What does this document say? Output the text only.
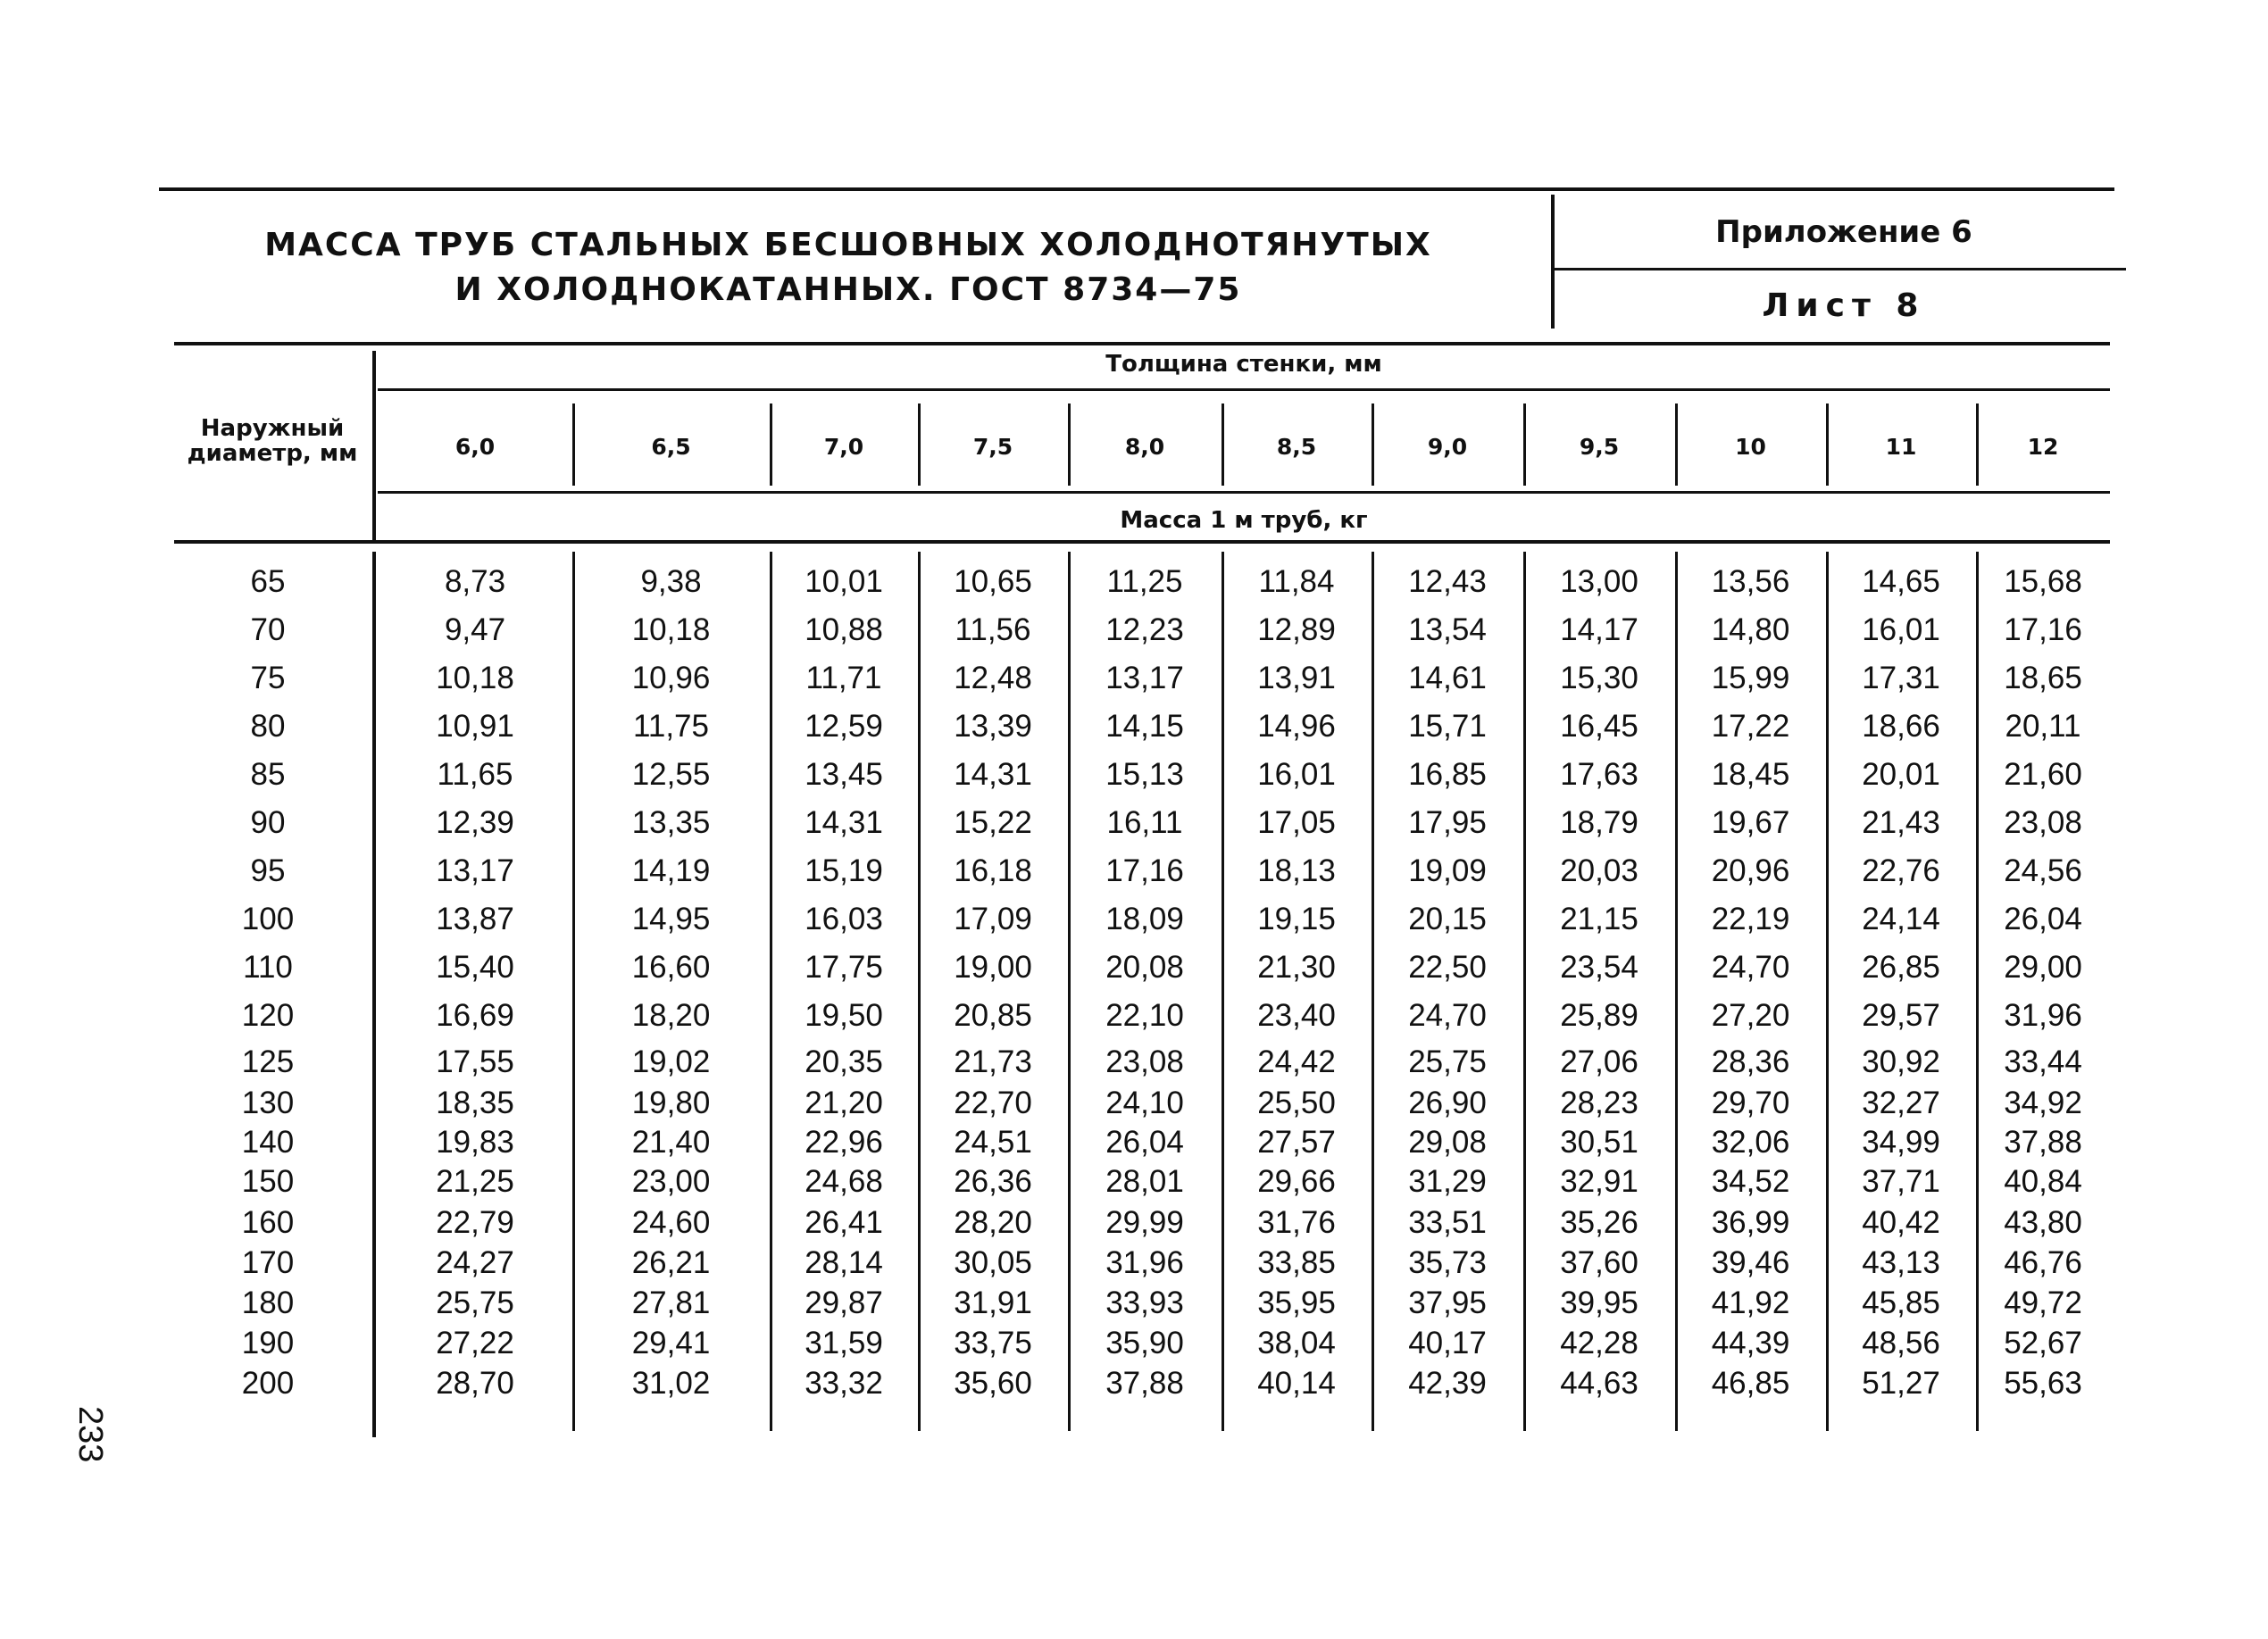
МАССА ТРУБ СТАЛЬНЫХ БЕСШОВНЫХ ХОЛОДНОТЯНУТЫХ
И ХОЛОДНОКАТАННЫХ. ГОСТ 8734—75
Приложение 6
Лист 8
Наружный диаметр, мм
Толщина стенки, мм
Масса 1 м труб, кг
6,0	6,5	7,0	7,5	8,0	8,5	9,0	9,5	10	11	12
65	8,73	9,38	10,01	10,65	11,25	11,84	12,43	13,00	13,56	14,65	15,68
70	9,47	10,18	10,88	11,56	12,23	12,89	13,54	14,17	14,80	16,01	17,16
75	10,18	10,96	11,71	12,48	13,17	13,91	14,61	15,30	15,99	17,31	18,65
80	10,91	11,75	12,59	13,39	14,15	14,96	15,71	16,45	17,22	18,66	20,11
85	11,65	12,55	13,45	14,31	15,13	16,01	16,85	17,63	18,45	20,01	21,60
90	12,39	13,35	14,31	15,22	16,11	17,05	17,95	18,79	19,67	21,43	23,08
95	13,17	14,19	15,19	16,18	17,16	18,13	19,09	20,03	20,96	22,76	24,56
100	13,87	14,95	16,03	17,09	18,09	19,15	20,15	21,15	22,19	24,14	26,04
110	15,40	16,60	17,75	19,00	20,08	21,30	22,50	23,54	24,70	26,85	29,00
120	16,69	18,20	19,50	20,85	22,10	23,40	24,70	25,89	27,20	29,57	31,96
125	17,55	19,02	20,35	21,73	23,08	24,42	25,75	27,06	28,36	30,92	33,44
130	18,35	19,80	21,20	22,70	24,10	25,50	26,90	28,23	29,70	32,27	34,92
140	19,83	21,40	22,96	24,51	26,04	27,57	29,08	30,51	32,06	34,99	37,88
150	21,25	23,00	24,68	26,36	28,01	29,66	31,29	32,91	34,52	37,71	40,84
160	22,79	24,60	26,41	28,20	29,99	31,76	33,51	35,26	36,99	40,42	43,80
170	24,27	26,21	28,14	30,05	31,96	33,85	35,73	37,60	39,46	43,13	46,76
180	25,75	27,81	29,87	31,91	33,93	35,95	37,95	39,95	41,92	45,85	49,72
190	27,22	29,41	31,59	33,75	35,90	38,04	40,17	42,28	44,39	48,56	52,67
200	28,70	31,02	33,32	35,60	37,88	40,14	42,39	44,63	46,85	51,27	55,63
233
